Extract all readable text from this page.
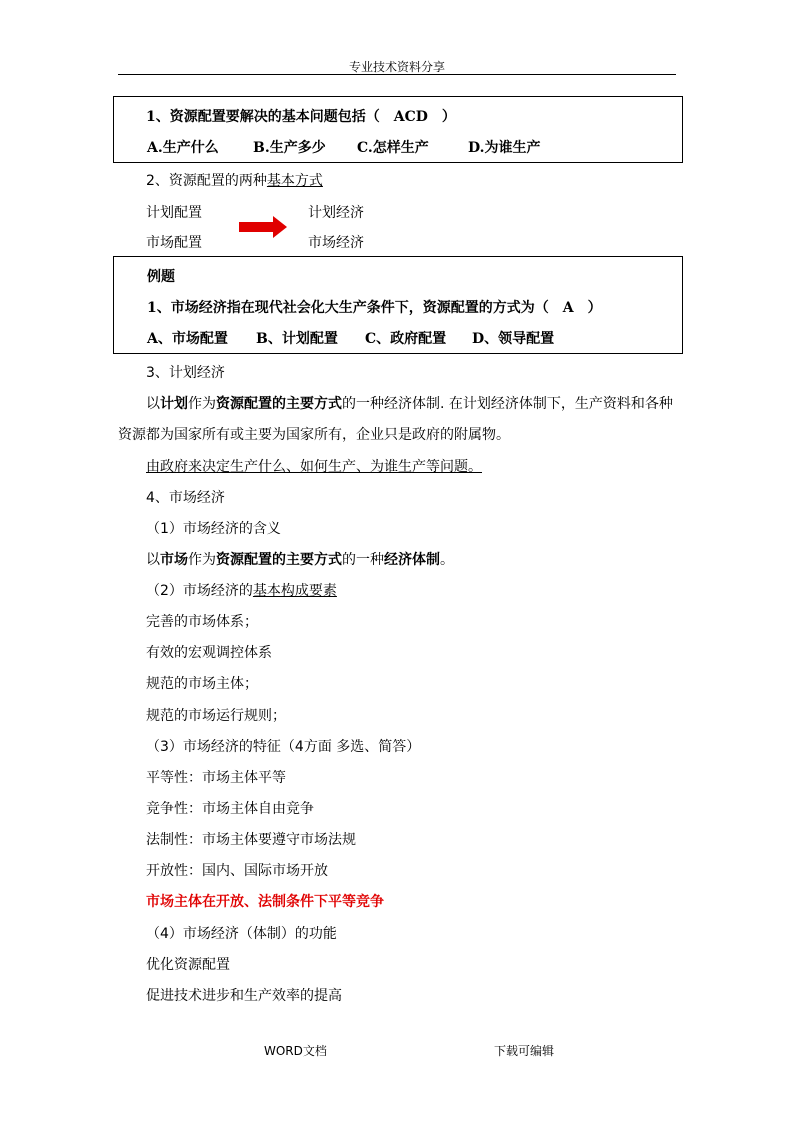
专业技术资料分享
1、资源配置要解决的基本问题包括（　ACD　）
A.生产什么 B.生产多少 C.怎样生产	D.为谁生产
2、资源配置的两种基本方式
计划配置
市场配置
计划经济
市场经济
例题
1、市场经济指在现代社会化大生产条件下，资源配置的方式为（　A　）
A、市场配置 B、计划配置 C、政府配置 D、领导配置
3、计划经济
以计划作为资源配置的主要方式的一种经济体制. 在计划经济体制下，生产资料和各种
资源都为国家所有或主要为国家所有，企业只是政府的附属物。
由政府来决定生产什么、如何生产、为谁生产等问题。
4、市场经济
（1）市场经济的含义
以市场作为资源配置的主要方式的一种经济体制。
（2）市场经济的基本构成要素
完善的市场体系；
有效的宏观调控体系
规范的市场主体；
规范的市场运行规则；
（3）市场经济的特征（4方面 多选、简答）
平等性：市场主体平等
竞争性：市场主体自由竞争
法制性：市场主体要遵守市场法规
开放性：国内、国际市场开放
市场主体在开放、法制条件下平等竞争
（4）市场经济（体制）的功能
优化资源配置
促进技术进步和生产效率的提高
WORD文档	下载可编辑
